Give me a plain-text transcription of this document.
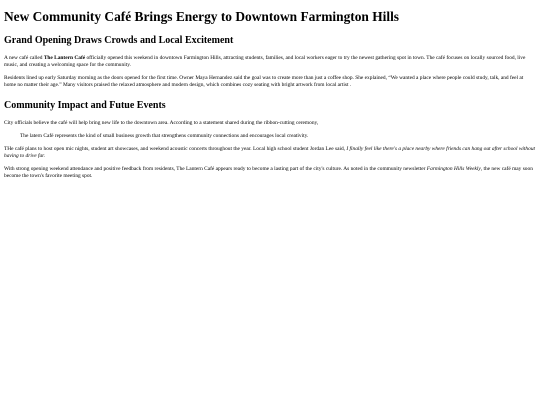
New Community Café Brings Energy to Downtown Farmington Hills
Grand Opening Draws Crowds and Local Excitement

A new café called The Lantern Café officially opened this weekend in downtown Farmington Hills, attracting students, families, and local workers eager to try the newest gathering spot in town. The café focuses on locally sourced food, live music, and creating a welcoming space for the community.

Residents lined up early Saturday morning as the doors opened for the first time. Owner Maya Hernandez said the goal was to create more than just a coffee shop. She explained, “We wanted a place where people could study, talk, and feel at home no matter their age.” Many visitors praised the relaxed atmosphere and modern design, which combines cozy seating with bright artwork from local artist .

Community Impact and Futue Events

City officials believe the café will help bring new life to the downtown area. According to a statement shared during the ribbon-cutting ceremony,

The latern Café represents the kind of small business growth that strengthens community connections and encourages local creativity.

THe café plans to host open mic nights, student art showcases, and weekend acoustic concerts throughout the year. Local high school student Jordan Lee said, I finally feel like there's a place nearby where friends can hang out after school without having to drive far.

With strong opening weekend attendance and positive feedback from residents, The Lantern Café appears ready to become a lasting part of the city's culture. As noted in the community newsletter Farmington Hills Weekly, the new café may soon become the town's favorite meeting spot.
